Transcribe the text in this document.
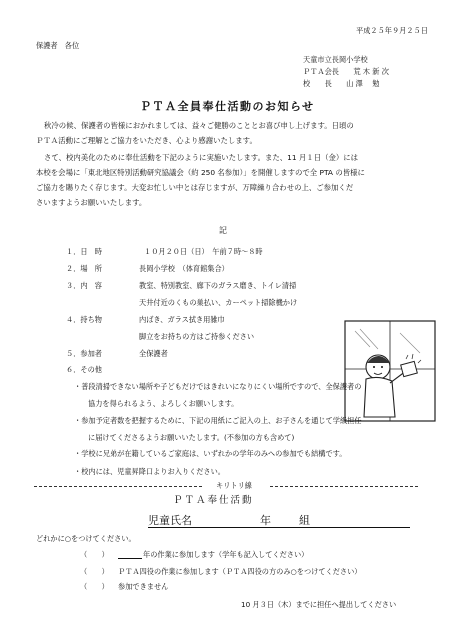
平成２５年９月２５日
保護者　各位
天童市立長岡小学校
ＰＴＡ会長　　荒 木 新 次
校　　長　　山 澤　 勉
ＰＴＡ全員奉仕活動のお知らせ
秋冷の候、保護者の皆様におかれましては、益々ご健勝のこととお喜び申し上げます。日頃の
ＰＴＡ活動にご理解とご協力をいただき、心より感謝いたします。
さて、校内美化のために奉仕活動を下記のように実施いたします。また、11 月１日（金）には
本校を会場に「東北地区特別活動研究協議会（約 250 名参加）」を開催しますので全 PTA の皆様に
ご協力を賜りたく存じます。大変お忙しい中とは存じますが、万障繰り合わせの上、ご参加くだ
さいますようお願いいたします。
記
１．日　時	１０月２０日（日）　午前７時～８時
２．場　所	長岡小学校　（体育館集合）
３．内　容	教室、特別教室、廊下のガラス磨き、トイレ清掃
天井付近のくもの巣払い、カーペット掃除機かけ
４．持ち物	内ばき、ガラス拭き用雑巾
脚立をお持ちの方はご持参ください
５．参加者	全保護者
６．その他
・ 普段清掃できない場所や子どもだけではきれいになりにくい場所ですので、全保護者の
協力を得られるよう、よろしくお願いします。
・ 参加予定者数を把握するために、下記の用紙にご記入の上、お子さんを通じて学級担任
に届けてくださるようお願いいたします。(不参加の方も含めて)
・ 学校に兄弟が在籍しているご家庭は、いずれかの学年のみへの参加でも結構です。
・ 校内には、児童昇降口よりお入りください。
キリトリ線
ＰＴＡ奉仕活動
児童氏名	年	組
どれかに○をつけてください。
（　　）	年の作業に参加します（学年も記入してください）
（　　） ＰＴＡ四役の作業に参加します（ＰＴＡ四役の方のみ○をつけてください）
（　　） 参加できません
10 月３日（木）までに担任へ提出してください
